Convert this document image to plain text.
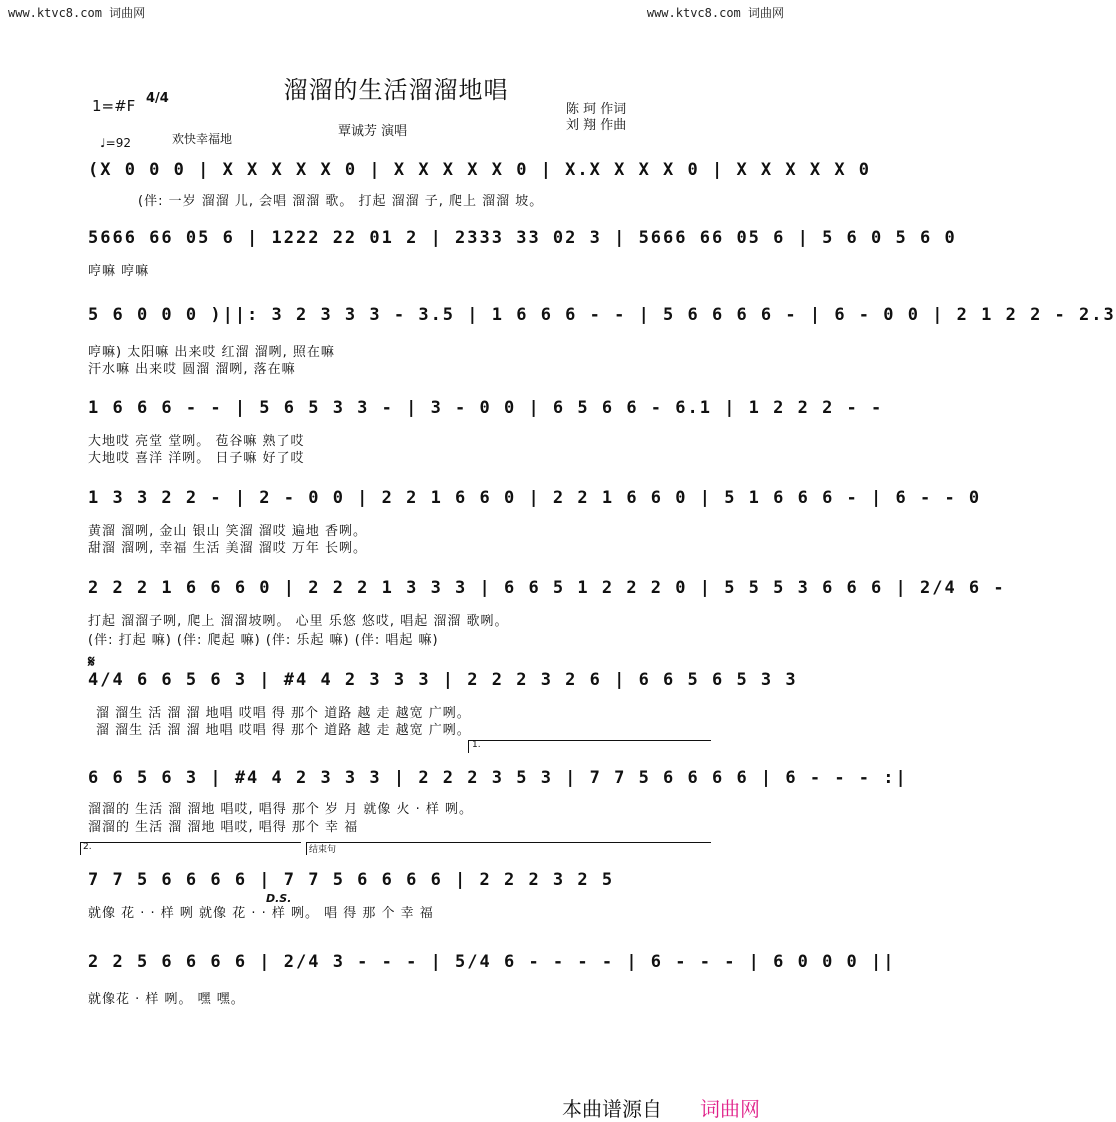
www.ktvc8.com 词曲网	www.ktvc8.com 词曲网
溜溜的生活溜溜地唱
1=#F 4/4
♩=92	欢快幸福地	覃诚芳 演唱
陈 珂 作词
刘 翔 作曲
(X 0 0 0 | X X X X X 0 | X X X X X 0 | X.X X X X 0 | X X X X X 0
(伴: 一岁 溜溜 儿, 会唱 溜溜 歌。 打起 溜溜 子, 爬上 溜溜 坡。
5666 66 05 6 | 1222 22 01 2 | 2333 33 02 3 | 5666 66 05 6 | 5 6 0 5 6 0
哼嘛 哼嘛
5 6 0 0 0 )||: 3 2 3 3 3 - 3.5 | 1 6 6 6 - - | 5 6 6 6 6 - | 6 - 0 0 | 2 1 2 2 - 2.3
哼嘛) 太阳嘛 出来哎 红溜 溜咧, 照在嘛
汗水嘛 出来哎 圆溜 溜咧, 落在嘛
1 6 6 6 - - | 5 6 5 3 3 - | 3 - 0 0 | 6 5 6 6 - 6.1 | 1 2 2 2 - -
大地哎 亮堂 堂咧。 苞谷嘛 熟了哎
大地哎 喜洋 洋咧。 日子嘛 好了哎
1 3 3 2 2 - | 2 - 0 0 | 2 2 1 6 6 0 | 2 2 1 6 6 0 | 5 1 6 6 6 - | 6 - - 0
黄溜 溜咧, 金山 银山 笑溜 溜哎 遍地 香咧。
甜溜 溜咧, 幸福 生活 美溜 溜哎 万年 长咧。
2 2 2 1 6 6 6 0 | 2 2 2 1 3 3 3 | 6 6 5 1 2 2 2 0 | 5 5 5 3 6 6 6 | 2/4 6 -
打起 溜溜子咧, 爬上 溜溜坡咧。 心里 乐悠 悠哎, 唱起 溜溜 歌咧。
(伴: 打起 嘛) (伴: 爬起 嘛) (伴: 乐起 嘛) (伴: 唱起 嘛)
𝄋
4/4 6 6 5 6 3 | #4 4 2 3 3 3 | 2 2 2 3 2 6 | 6 6 5 6 5 3 3
溜 溜生 活 溜 溜 地唱 哎唱 得 那个 道路 越 走 越宽 广咧。
溜 溜生 活 溜 溜 地唱 哎唱 得 那个 道路 越 走 越宽 广咧。
1.
6 6 5 6 3 | #4 4 2 3 3 3 | 2 2 2 3 5 3 | 7 7 5 6 6 6 6 | 6 - - - :|
溜溜的 生活 溜 溜地 唱哎, 唱得 那个 岁 月 就像 火 · 样 咧。
溜溜的 生活 溜 溜地 唱哎, 唱得 那个 幸 福
2.	结束句
7 7 5 6 6 6 6 | 7 7 5 6 6 6 6 | 2 2 2 3 2 5
就像 花 · · 样 咧 就像 花 · · 样 咧。 唱 得 那 个 幸 福
D.S.
2 2 5 6 6 6 6 | 2/4 3 - - - | 5/4 6 - - - - | 6 - - - | 6 0 0 0 ||
就像花 · 样 咧。 嘿 嘿。
本曲谱源自 词曲网
